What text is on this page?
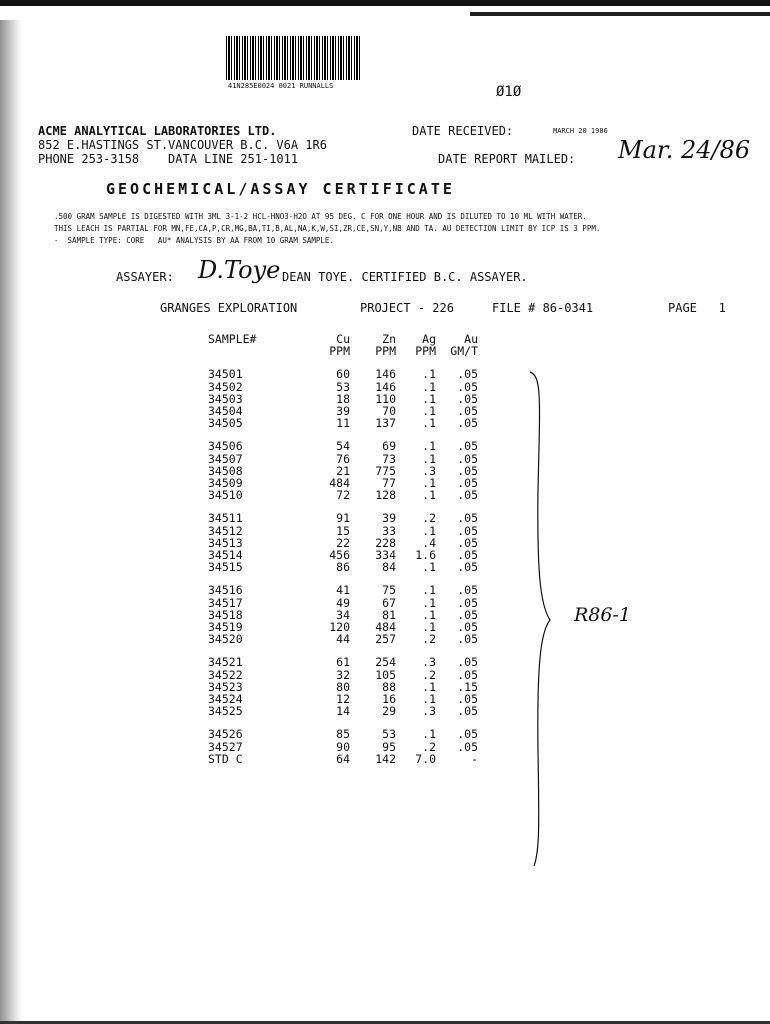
41N285E0024 0021 RUNNALLS	Ø1Ø
ACME ANALYTICAL LABORATORIES LTD.
852 E.HASTINGS ST.VANCOUVER B.C. V6A 1R6
PHONE 253-3158    DATA LINE 251-1011
DATE RECEIVED:	MARCH 20 1986
DATE REPORT MAILED: Mar. 24/86
GEOCHEMICAL/ASSAY CERTIFICATE
.500 GRAM SAMPLE IS DIGESTED WITH 3ML 3-1-2 HCL-HNO3-H2O AT 95 DEG. C FOR ONE HOUR AND IS DILUTED TO 10 ML WITH WATER.
THIS LEACH IS PARTIAL FOR MN,FE,CA,P,CR,MG,BA,TI,B,AL,NA,K,W,SI,ZR,CE,SN,Y,NB AND TA. AU DETECTION LIMIT BY ICP IS 3 PPM.
-  SAMPLE TYPE: CORE   AU* ANALYSIS BY AA FROM 10 GRAM SAMPLE.
ASSAYER: D.Toye DEAN TOYE. CERTIFIED B.C. ASSAYER.
GRANGES EXPLORATION	PROJECT - 226	FILE # 86-0341	PAGE   1
SAMPLE#	Cu	Zn	Ag	Au
	PPM	PPM	PPM	GM/T

34501	60	146	.1	.05
34502	53	146	.1	.05
34503	18	110	.1	.05
34504	39	70	.1	.05
34505	11	137	.1	.05

34506	54	69	.1	.05
34507	76	73	.1	.05
34508	21	775	.3	.05
34509	484	77	.1	.05
34510	72	128	.1	.05

34511	91	39	.2	.05
34512	15	33	.1	.05
34513	22	228	.4	.05
34514	456	334	1.6	.05
34515	86	84	.1	.05

34516	41	75	.1	.05
34517	49	67	.1	.05
34518	34	81	.1	.05
34519	120	484	.1	.05
34520	44	257	.2	.05

34521	61	254	.3	.05
34522	32	105	.2	.05
34523	80	88	.1	.15
34524	12	16	.1	.05
34525	14	29	.3	.05

34526	85	53	.1	.05
34527	90	95	.2	.05
STD C	64	142	7.0	-
R86-1
